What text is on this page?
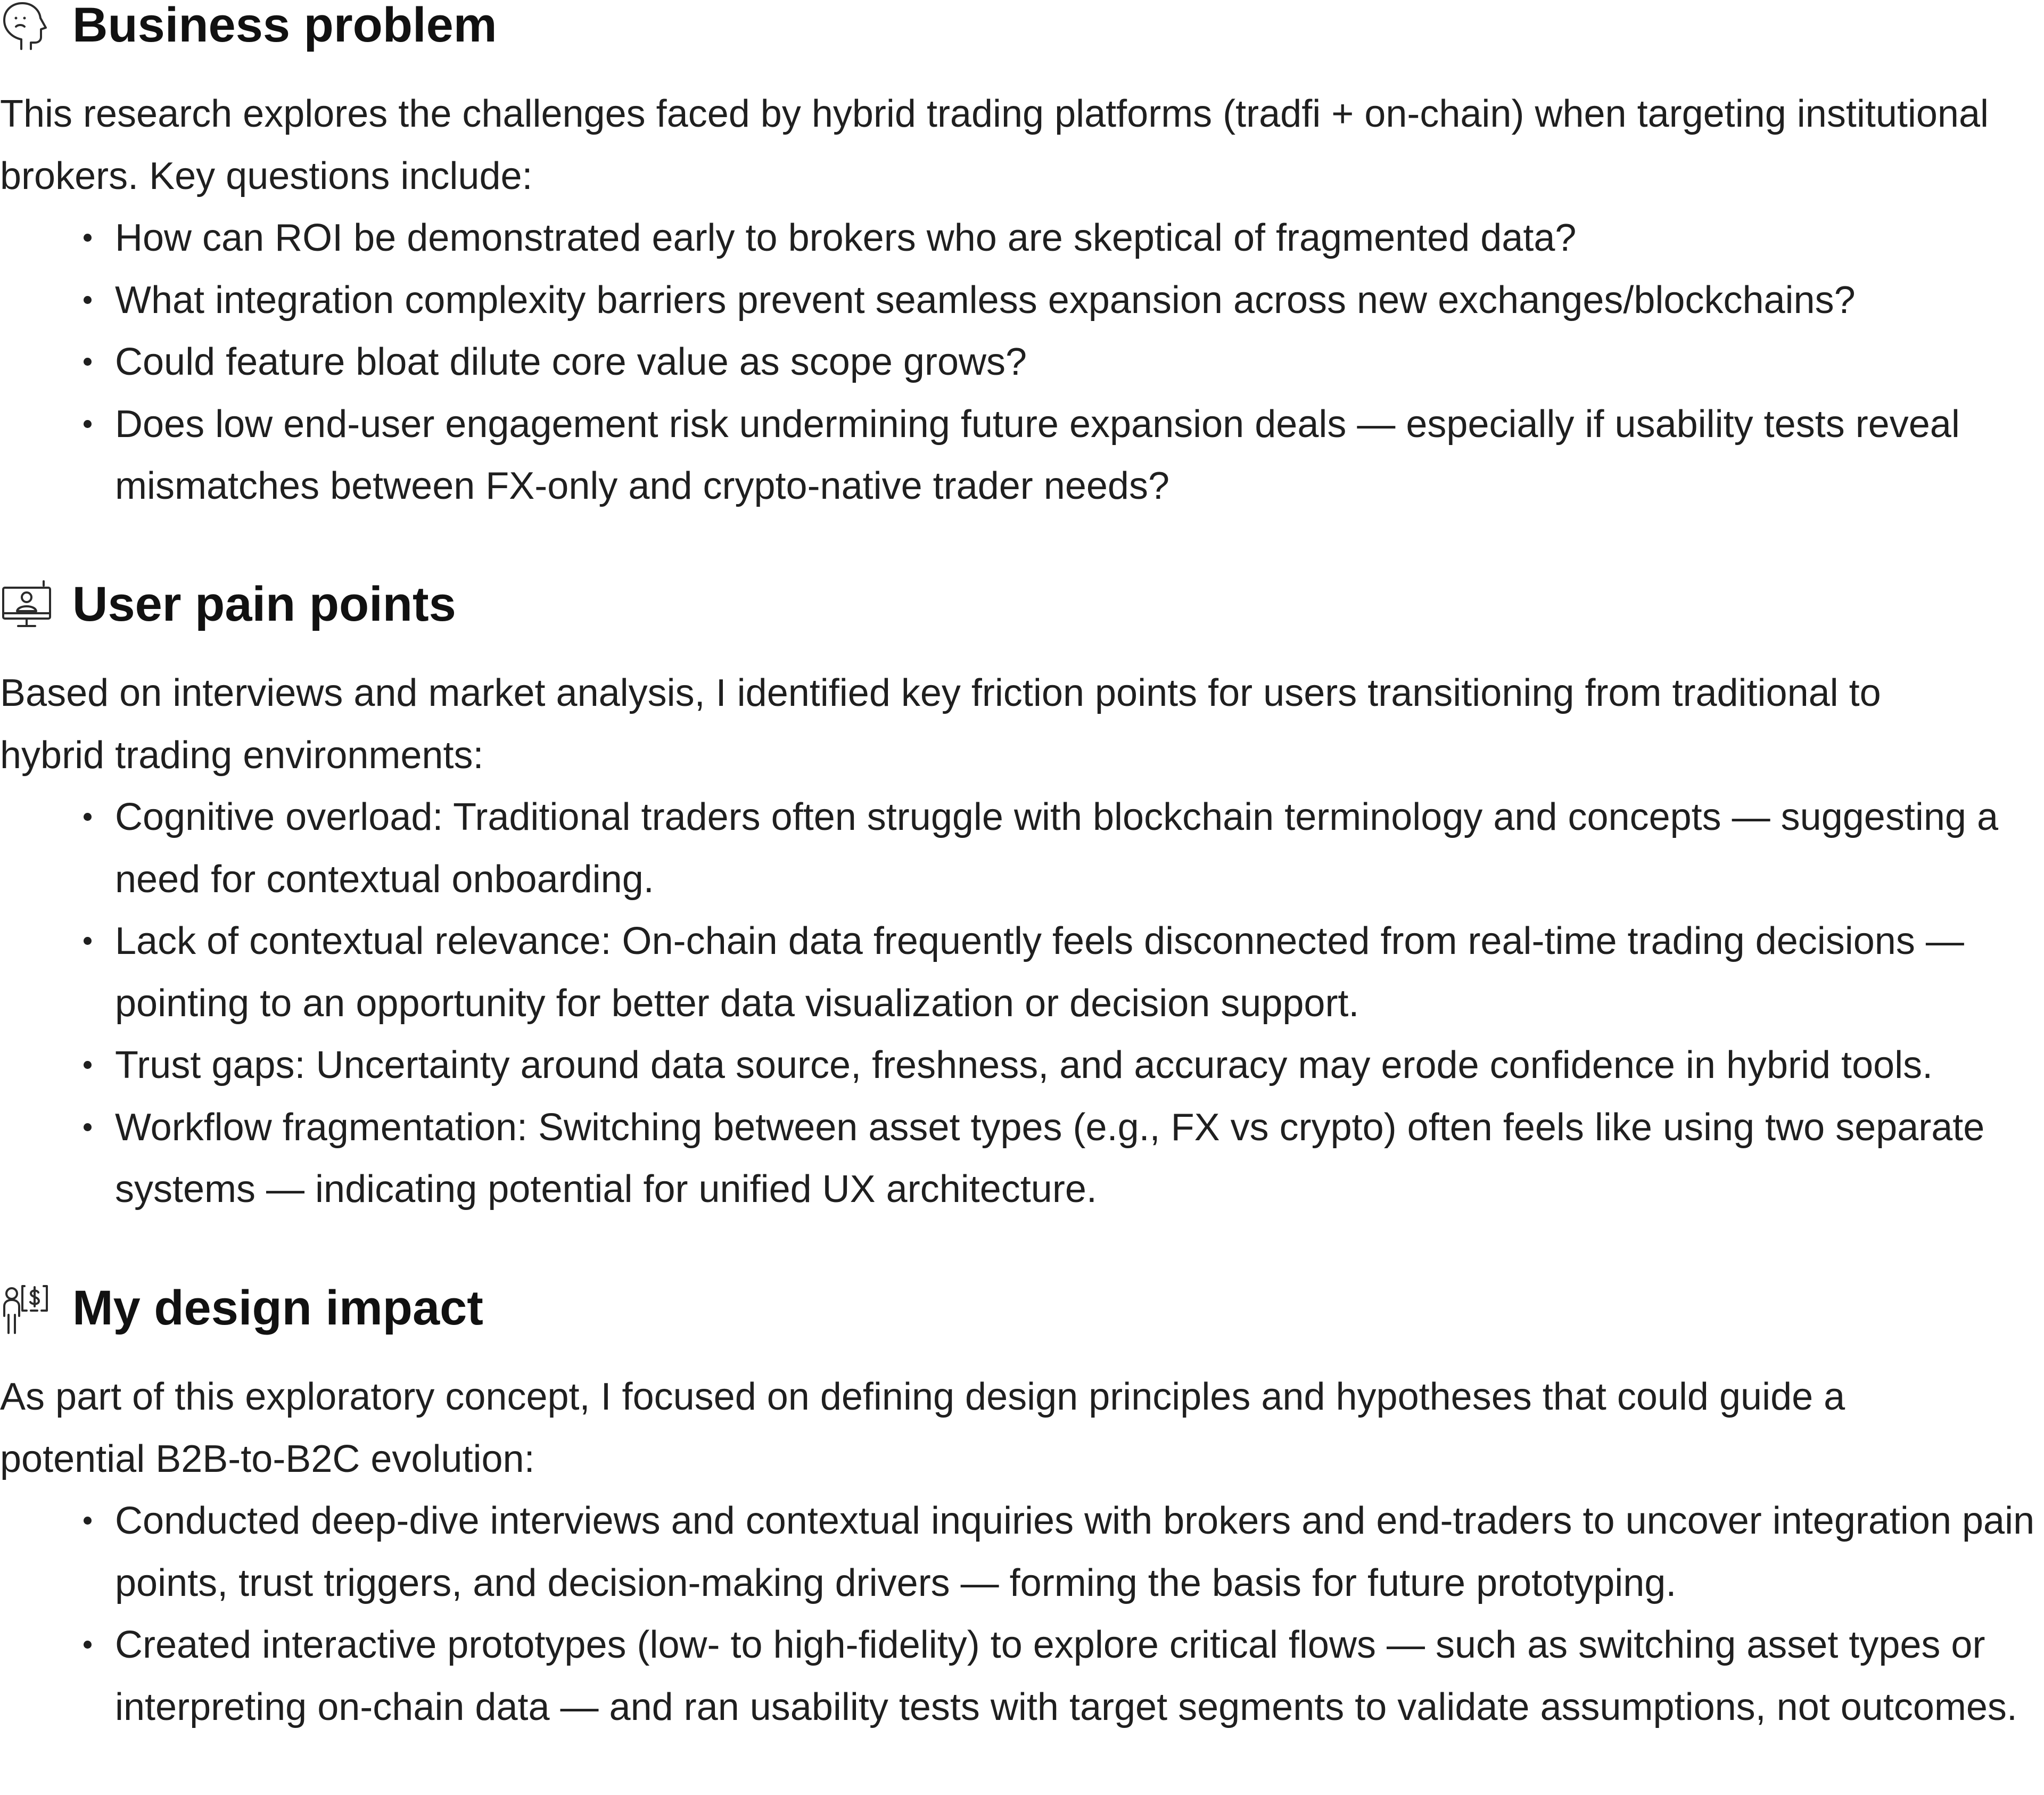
Business problem

This research explores the challenges faced by hybrid trading platforms (tradfi + on-chain) when targeting institutional brokers. Key questions include:

How can ROI be demonstrated early to brokers who are skeptical of fragmented data?
What integration complexity barriers prevent seamless expansion across new exchanges/blockchains?
Could feature bloat dilute core value as scope grows?
Does low end-user engagement risk undermining future expansion deals — especially if usability tests reveal mismatches between FX-only and crypto-native trader needs?
User pain points

Based on interviews and market analysis, I identified key friction points for users transitioning from traditional to hybrid trading environments:

Cognitive overload: Traditional traders often struggle with blockchain terminology and concepts — suggesting a need for contextual onboarding.
Lack of contextual relevance: On-chain data frequently feels disconnected from real-time trading decisions — pointing to an opportunity for better data visualization or decision support.
Trust gaps: Uncertainty around data source, freshness, and accuracy may erode confidence in hybrid tools.
Workflow fragmentation: Switching between asset types (e.g., FX vs crypto) often feels like using two separate systems — indicating potential for unified UX architecture.
My design impact

As part of this exploratory concept, I focused on defining design principles and hypotheses that could guide a potential B2B-to-B2C evolution:

Conducted deep-dive interviews and contextual inquiries with brokers and end-traders to uncover integration pain points, trust triggers, and decision-making drivers — forming the basis for future prototyping.
Created interactive prototypes (low- to high-fidelity) to explore critical flows — such as switching asset types or interpreting on-chain data — and ran usability tests with target segments to validate assumptions, not outcomes.
